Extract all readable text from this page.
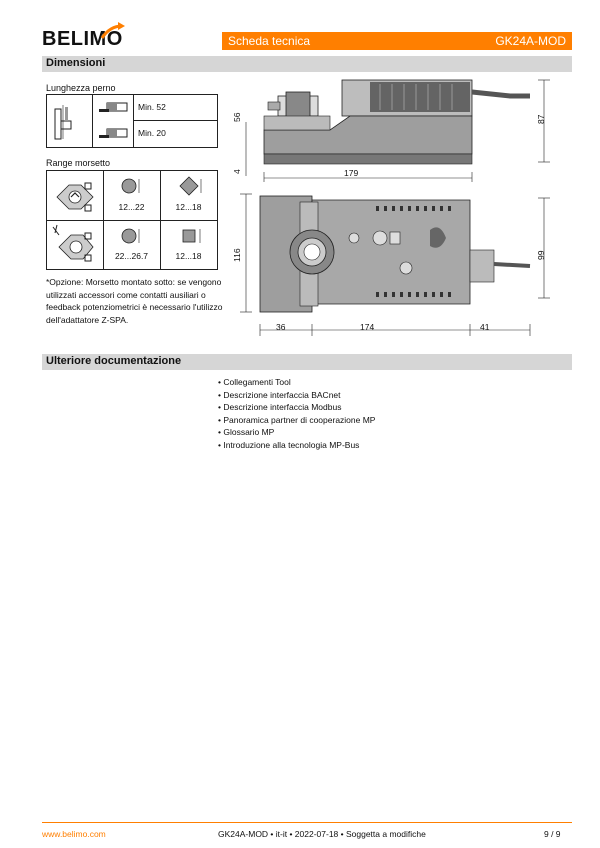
BELIMO	Scheda tecnica	GK24A-MOD
Dimensioni
Lunghezza perno
Min. 52
Min. 20
Range morsetto
12...22	12...18
22...26.7	12...18
*Opzione: Morsetto montato sotto: se vengono utilizzati accessori come contatti ausiliari o feedback potenziometrici è necessario l'utilizzo dell'adattatore Z-SPA.
56
4
87
179
116	99
36	174	41
Ulteriore documentazione
• Collegamenti Tool
• Descrizione interfaccia BACnet
• Descrizione interfaccia Modbus
• Panoramica partner di cooperazione MP
• Glossario MP
• Introduzione alla tecnologia MP-Bus
www.belimo.com	GK24A-MOD • it-it • 2022-07-18 • Soggetta a modifiche	9 / 9
